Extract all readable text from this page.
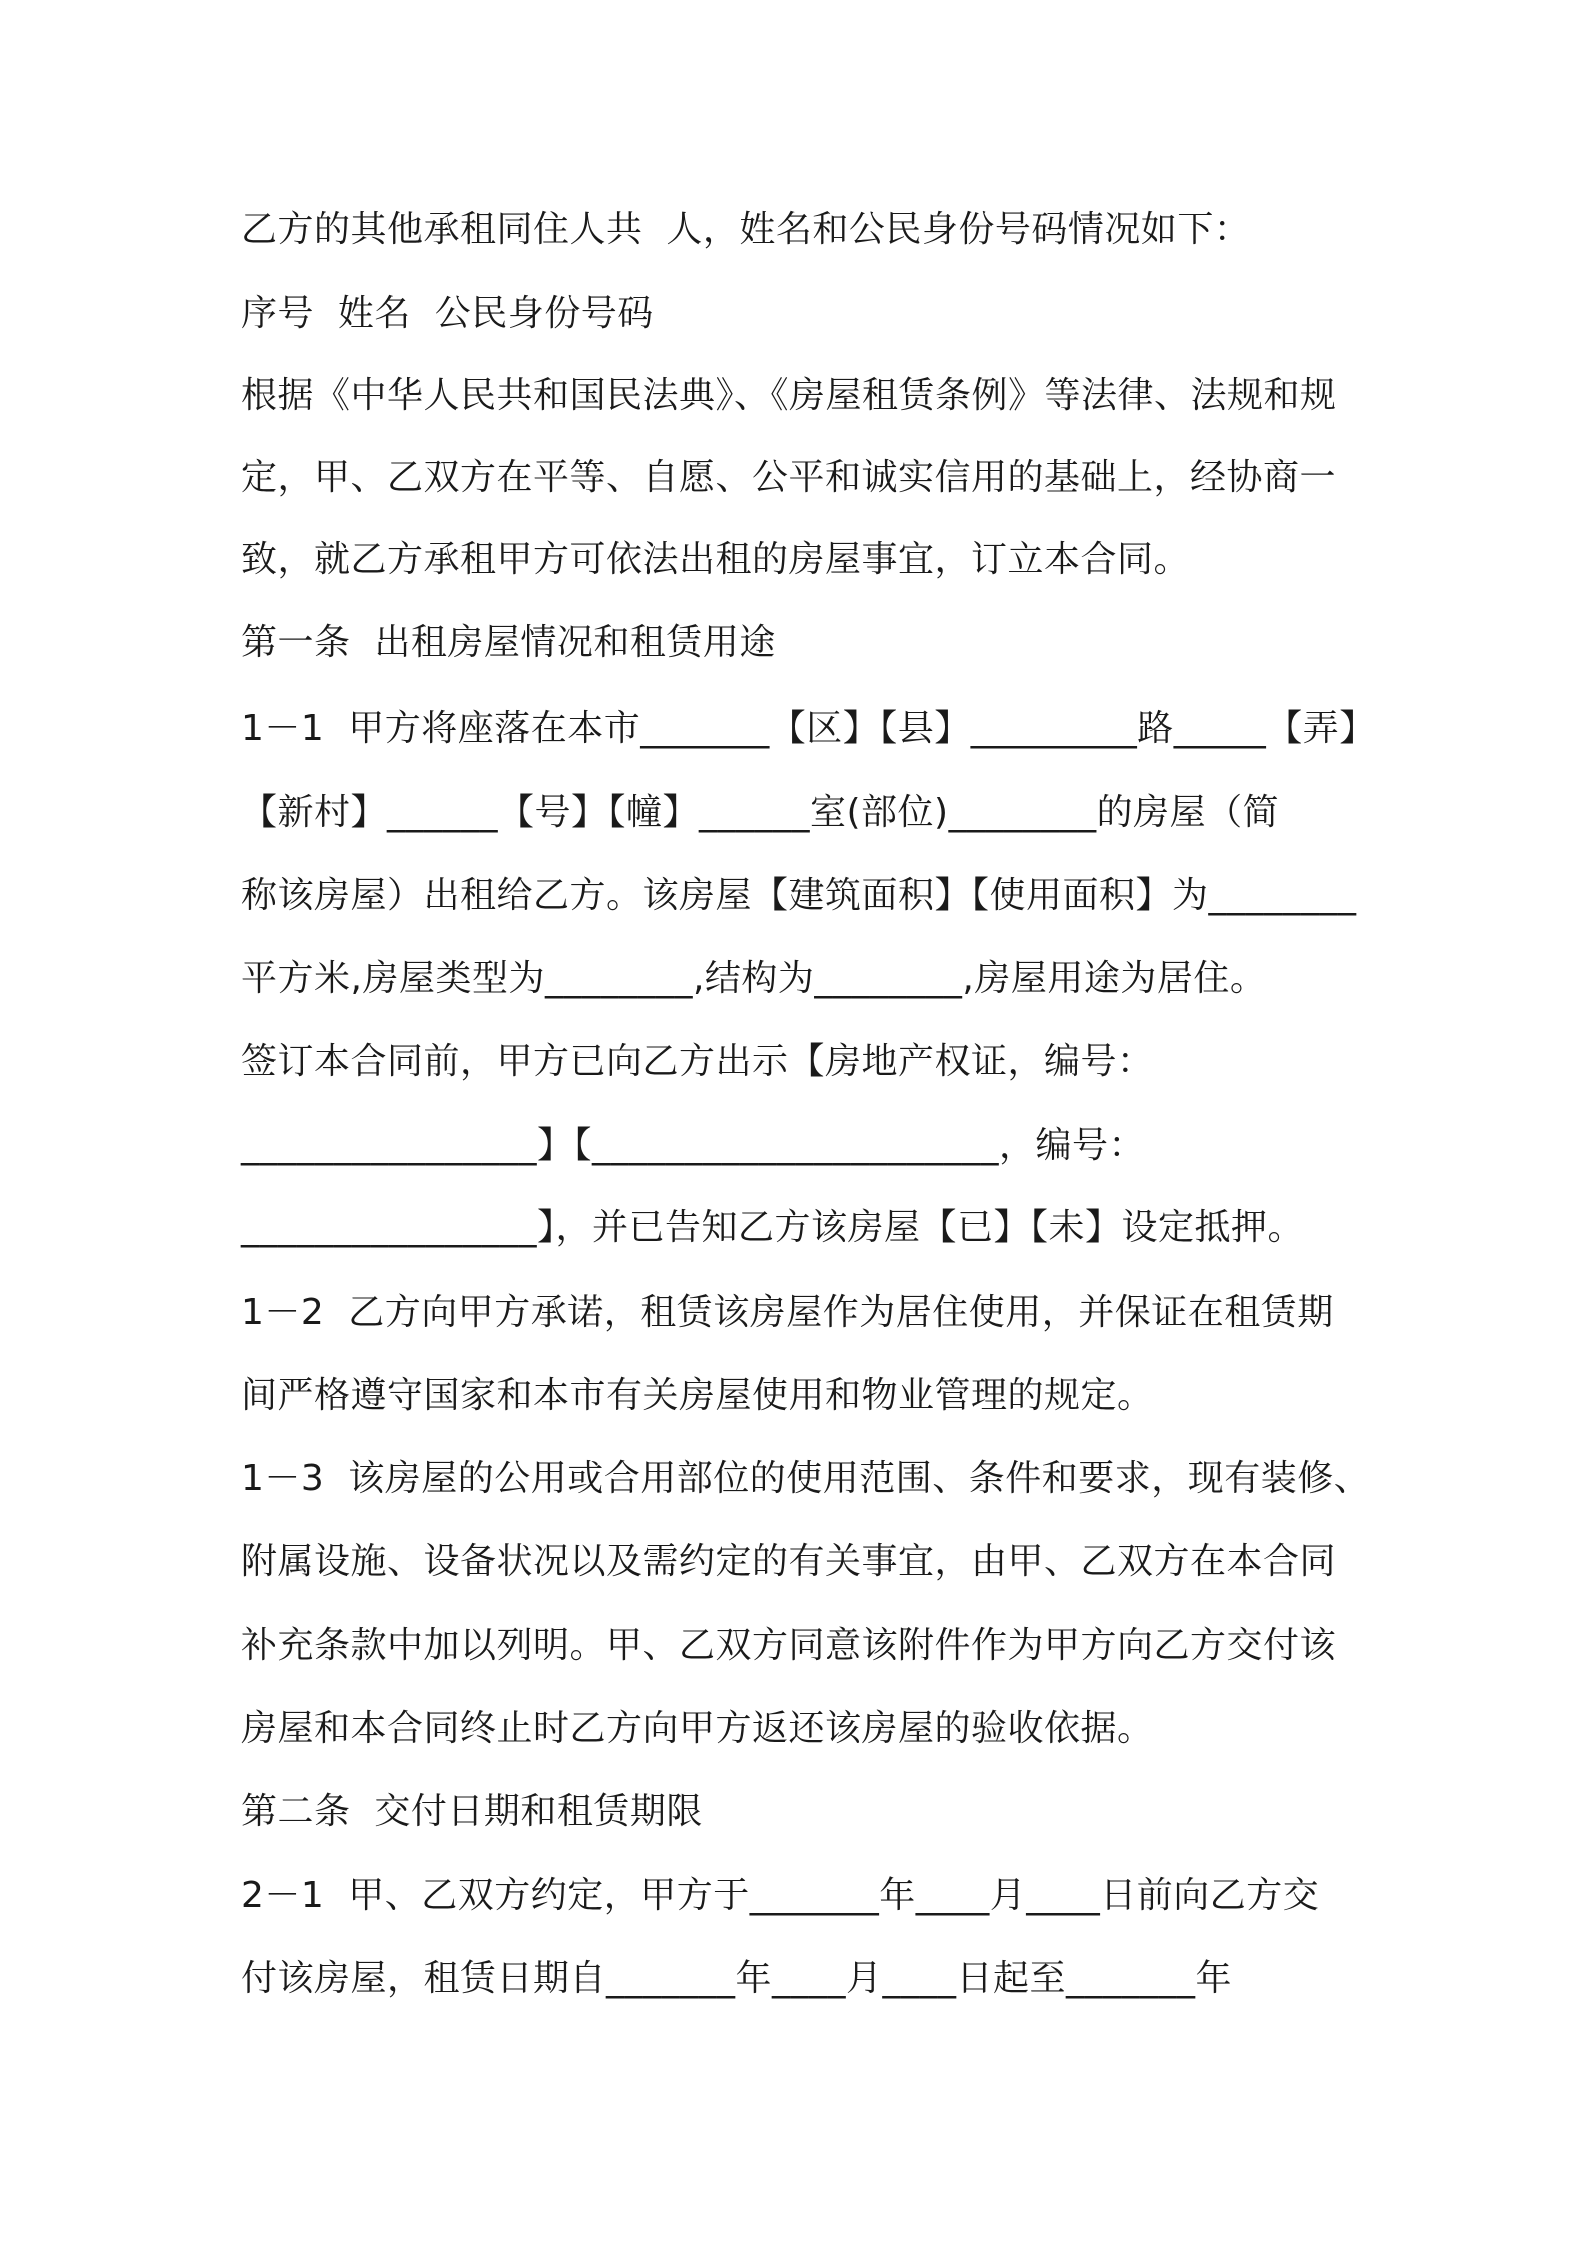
乙方的其他承租同住人共  人，姓名和公民身份号码情况如下：
序号  姓名  公民身份号码
根据《中华人民共和国民法典》、《房屋租赁条例》等法律、法规和规
定，甲、乙双方在平等、自愿、公平和诚实信用的基础上，经协商一
致，就乙方承租甲方可依法出租的房屋事宜，订立本合同。
第一条  出租房屋情况和租赁用途
1－1  甲方将座落在本市_______【区】【县】_________路_____【弄】
【新村】______【号】【幢】______室(部位)________的房屋（简
称该房屋）出租给乙方。该房屋【建筑面积】【使用面积】为________
平方米,房屋类型为________,结构为________,房屋用途为居住。
签订本合同前，甲方已向乙方出示【房地产权证，编号：
________________】【______________________，编号：
________________】，并已告知乙方该房屋【已】【未】设定抵押。
1－2  乙方向甲方承诺，租赁该房屋作为居住使用，并保证在租赁期
间严格遵守国家和本市有关房屋使用和物业管理的规定。
1－3  该房屋的公用或合用部位的使用范围、条件和要求，现有装修、
附属设施、设备状况以及需约定的有关事宜，由甲、乙双方在本合同
补充条款中加以列明。甲、乙双方同意该附件作为甲方向乙方交付该
房屋和本合同终止时乙方向甲方返还该房屋的验收依据。
第二条  交付日期和租赁期限
2－1  甲、乙双方约定，甲方于_______年____月____日前向乙方交
付该房屋，租赁日期自_______年____月____日起至_______年
